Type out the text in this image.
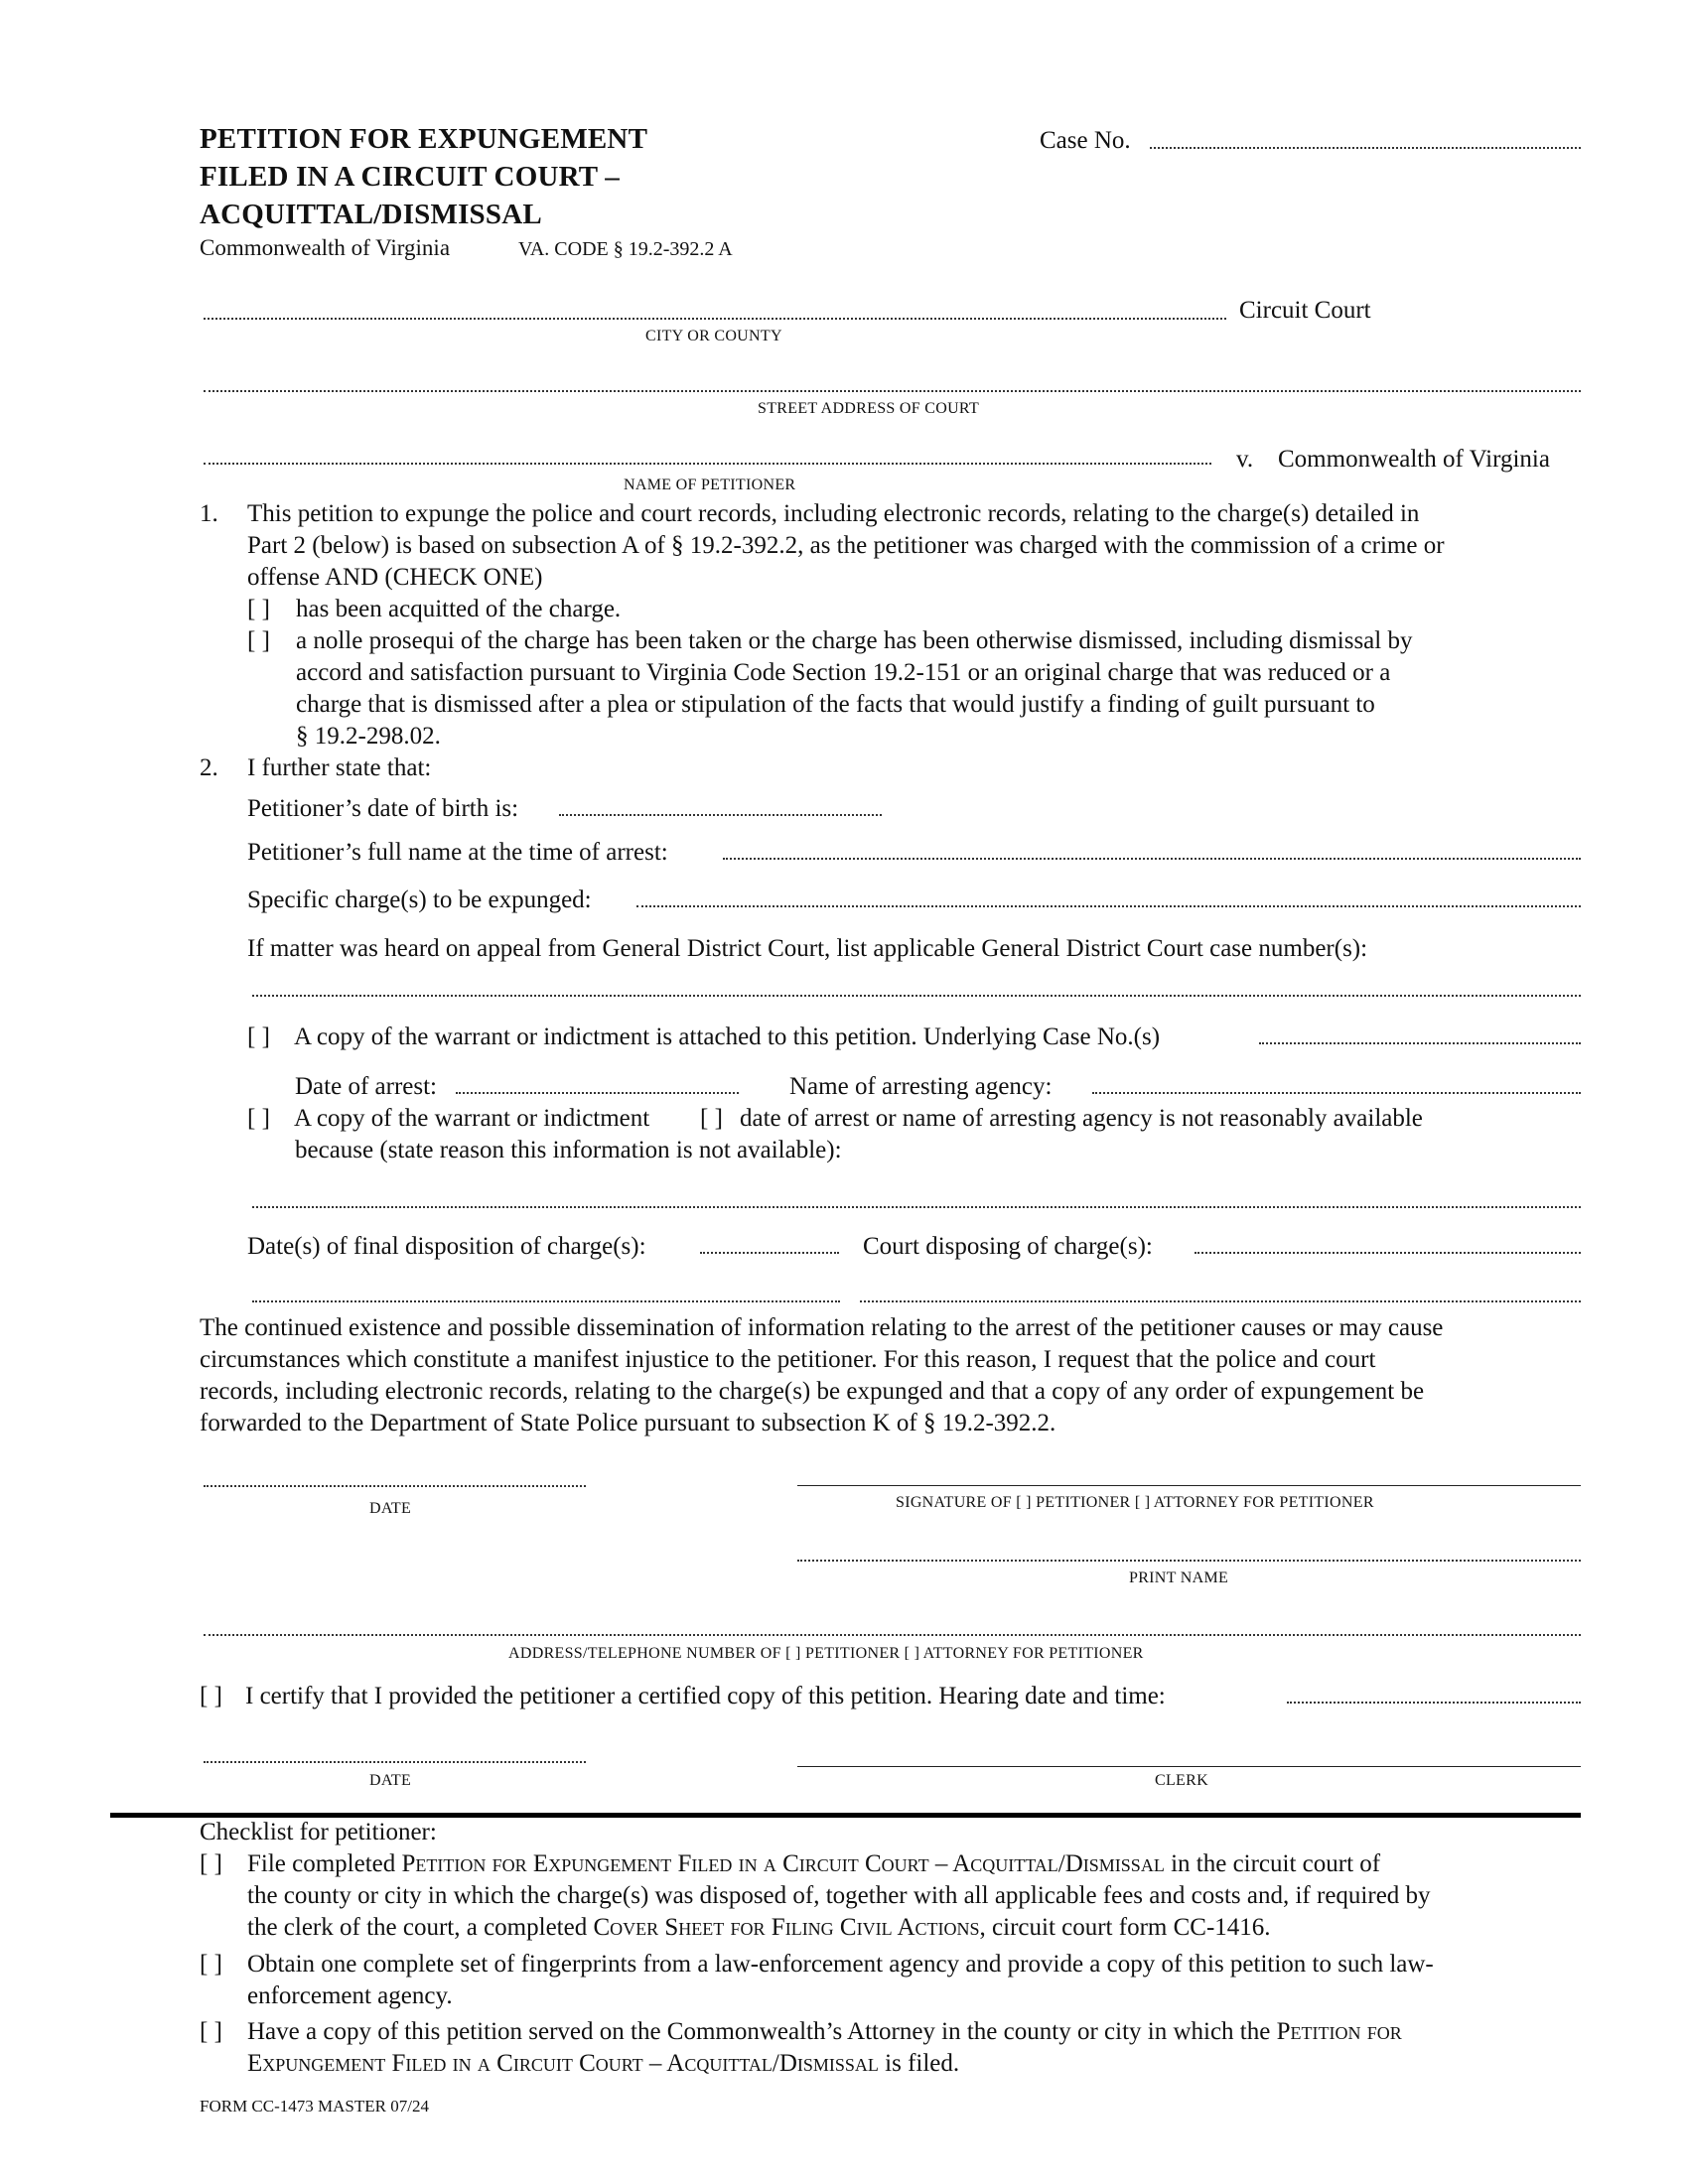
PETITION FOR EXPUNGEMENT
FILED IN A CIRCUIT COURT –
ACQUITTAL/DISMISSAL
Commonwealth of Virginia	VA. CODE § 19.2-392.2 A
Case No.
Circuit Court
CITY OR COUNTY
STREET ADDRESS OF COURT
v. Commonwealth of Virginia
NAME OF PETITIONER
1. This petition to expunge the police and court records, including electronic records, relating to the charge(s) detailed in
Part 2 (below) is based on subsection A of § 19.2-392.2, as the petitioner was charged with the commission of a crime or
offense AND (CHECK ONE)
[ ] has been acquitted of the charge.
[ ] a nolle prosequi of the charge has been taken or the charge has been otherwise dismissed, including dismissal by
accord and satisfaction pursuant to Virginia Code Section 19.2-151 or an original charge that was reduced or a
charge that is dismissed after a plea or stipulation of the facts that would justify a finding of guilt pursuant to
§ 19.2-298.02.
2. I further state that:
Petitioner’s date of birth is:
Petitioner’s full name at the time of arrest:
Specific charge(s) to be expunged:
If matter was heard on appeal from General District Court, list applicable General District Court case number(s):
[ ] A copy of the warrant or indictment is attached to this petition. Underlying Case No.(s)
Date of arrest:	Name of arresting agency:
[ ] A copy of the warrant or indictment [ ] date of arrest or name of arresting agency is not reasonably available
because (state reason this information is not available):
Date(s) of final disposition of charge(s):	Court disposing of charge(s):
The continued existence and possible dissemination of information relating to the arrest of the petitioner causes or may cause
circumstances which constitute a manifest injustice to the petitioner. For this reason, I request that the police and court
records, including electronic records, relating to the charge(s) be expunged and that a copy of any order of expungement be
forwarded to the Department of State Police pursuant to subsection K of § 19.2-392.2.
DATE	SIGNATURE OF [ ] PETITIONER [ ] ATTORNEY FOR PETITIONER
PRINT NAME
ADDRESS/TELEPHONE NUMBER OF [ ] PETITIONER [ ] ATTORNEY FOR PETITIONER
[ ] I certify that I provided the petitioner a certified copy of this petition. Hearing date and time:
DATE	CLERK
Checklist for petitioner:
[ ] File completed Petition for Expungement Filed in a Circuit Court – Acquittal/Dismissal in the circuit court of
the county or city in which the charge(s) was disposed of, together with all applicable fees and costs and, if required by
the clerk of the court, a completed Cover Sheet for Filing Civil Actions, circuit court form CC-1416.
[ ] Obtain one complete set of fingerprints from a law-enforcement agency and provide a copy of this petition to such law-
enforcement agency.
[ ] Have a copy of this petition served on the Commonwealth’s Attorney in the county or city in which the Petition for
Expungement Filed in a Circuit Court – Acquittal/Dismissal is filed.
FORM CC-1473 MASTER 07/24
